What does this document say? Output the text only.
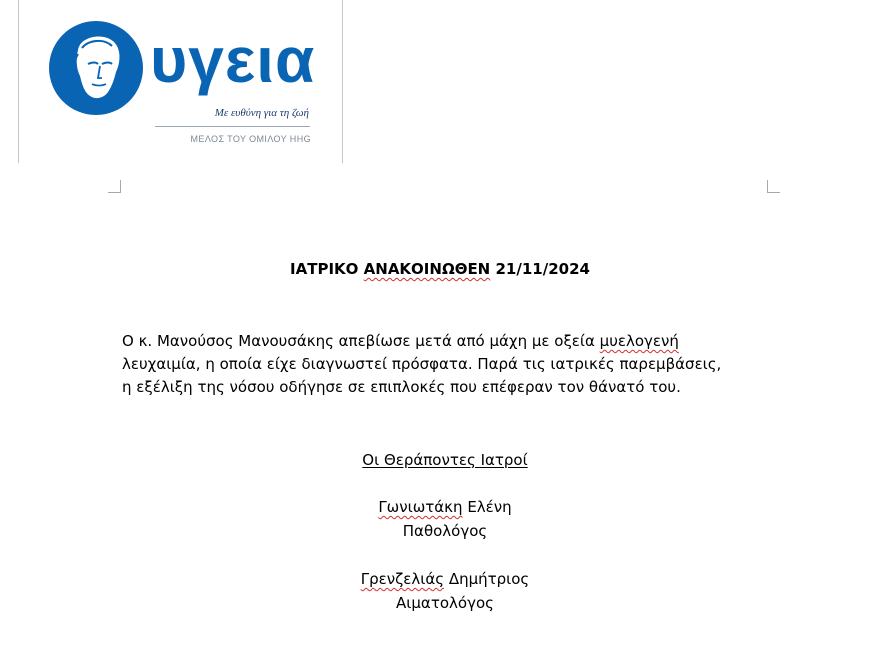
υγεια
Με ευθύνη για τη ζωή
ΜΕΛΟΣ ΤΟΥ ΟΜΙΛΟΥ HHG
ΙΑΤΡΙΚΟ ΑΝΑΚΟΙΝΩΘΕΝ 21/11/2024
Ο κ. Μανούσος Μανουσάκης απεβίωσε μετά από μάχη με οξεία μυελογενή
λευχαιμία, η οποία είχε διαγνωστεί πρόσφατα. Παρά τις ιατρικές παρεμβάσεις,
η εξέλιξη της νόσου οδήγησε σε επιπλοκές που επέφεραν τον θάνατό του.
Οι Θεράποντες Ιατροί
Γωνιωτάκη Ελένη
Παθολόγος
Γρενζελιάς Δημήτριος
Αιματολόγος
